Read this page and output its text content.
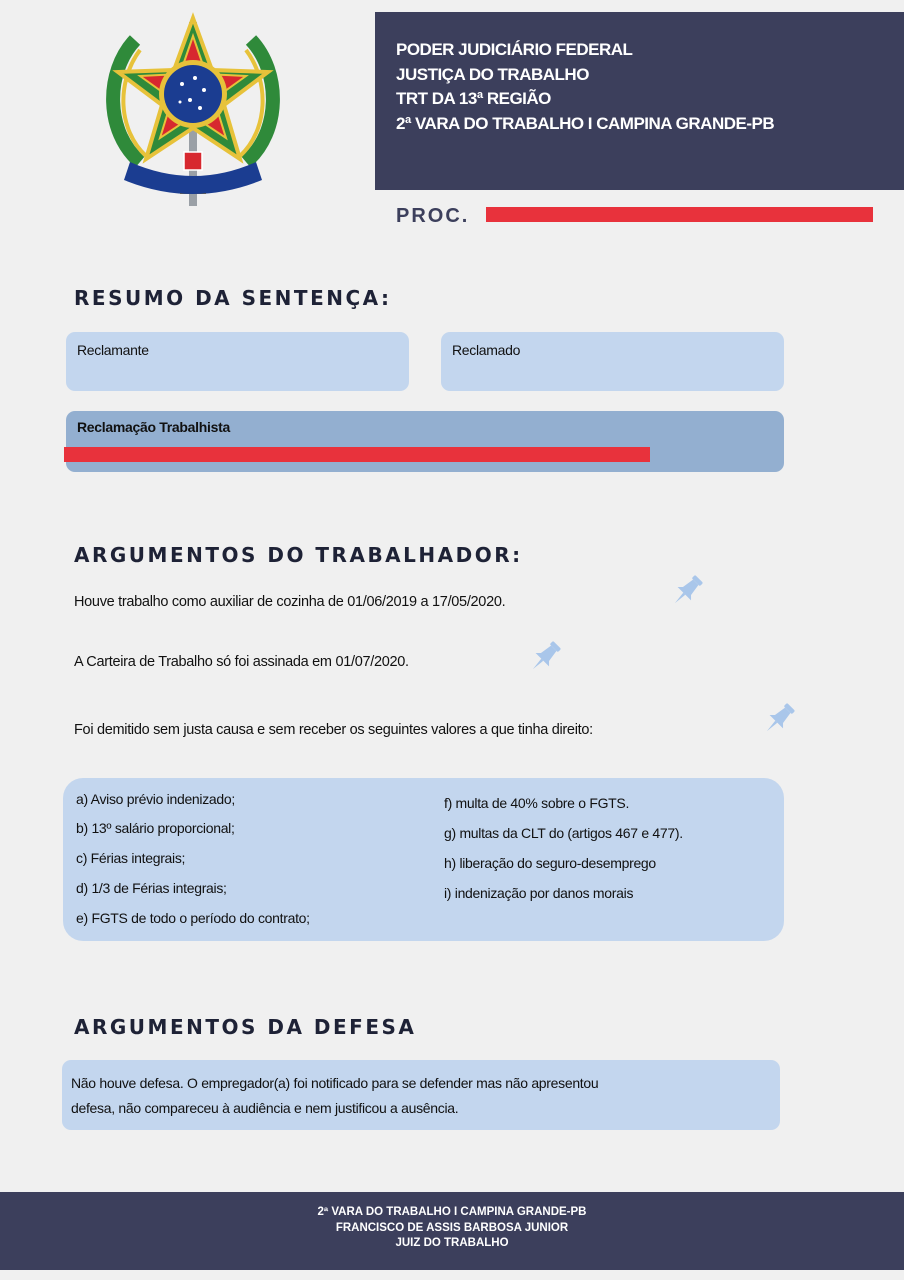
PODER JUDICIÁRIO FEDERAL
JUSTIÇA DO TRABALHO
TRT DA 13ª REGIÃO
2ª VARA DO TRABALHO I CAMPINA GRANDE-PB
PROC.
RESUMO DA SENTENÇA:
Reclamante	Reclamado
Reclamação Trabalhista
ARGUMENTOS DO TRABALHADOR:
Houve trabalho como auxiliar de cozinha de 01/06/2019 a 17/05/2020.
A Carteira de Trabalho só foi assinada em 01/07/2020.
Foi demitido sem justa causa e sem receber os seguintes valores a que tinha direito:
a) Aviso prévio indenizado;
b) 13º salário proporcional;
c) Férias integrais;
d) 1/3 de Férias integrais;
e) FGTS de todo o período do contrato;
f) multa de 40% sobre o FGTS.
g) multas da CLT do (artigos 467 e 477).
h) liberação do seguro-desemprego
i) indenização por danos morais
ARGUMENTOS DA DEFESA
Não houve defesa. O empregador(a) foi notificado para se defender mas não apresentou
defesa, não compareceu à audiência e nem justificou a ausência.
2ª VARA DO TRABALHO I CAMPINA GRANDE-PB
FRANCISCO DE ASSIS BARBOSA JUNIOR
JUIZ DO TRABALHO
